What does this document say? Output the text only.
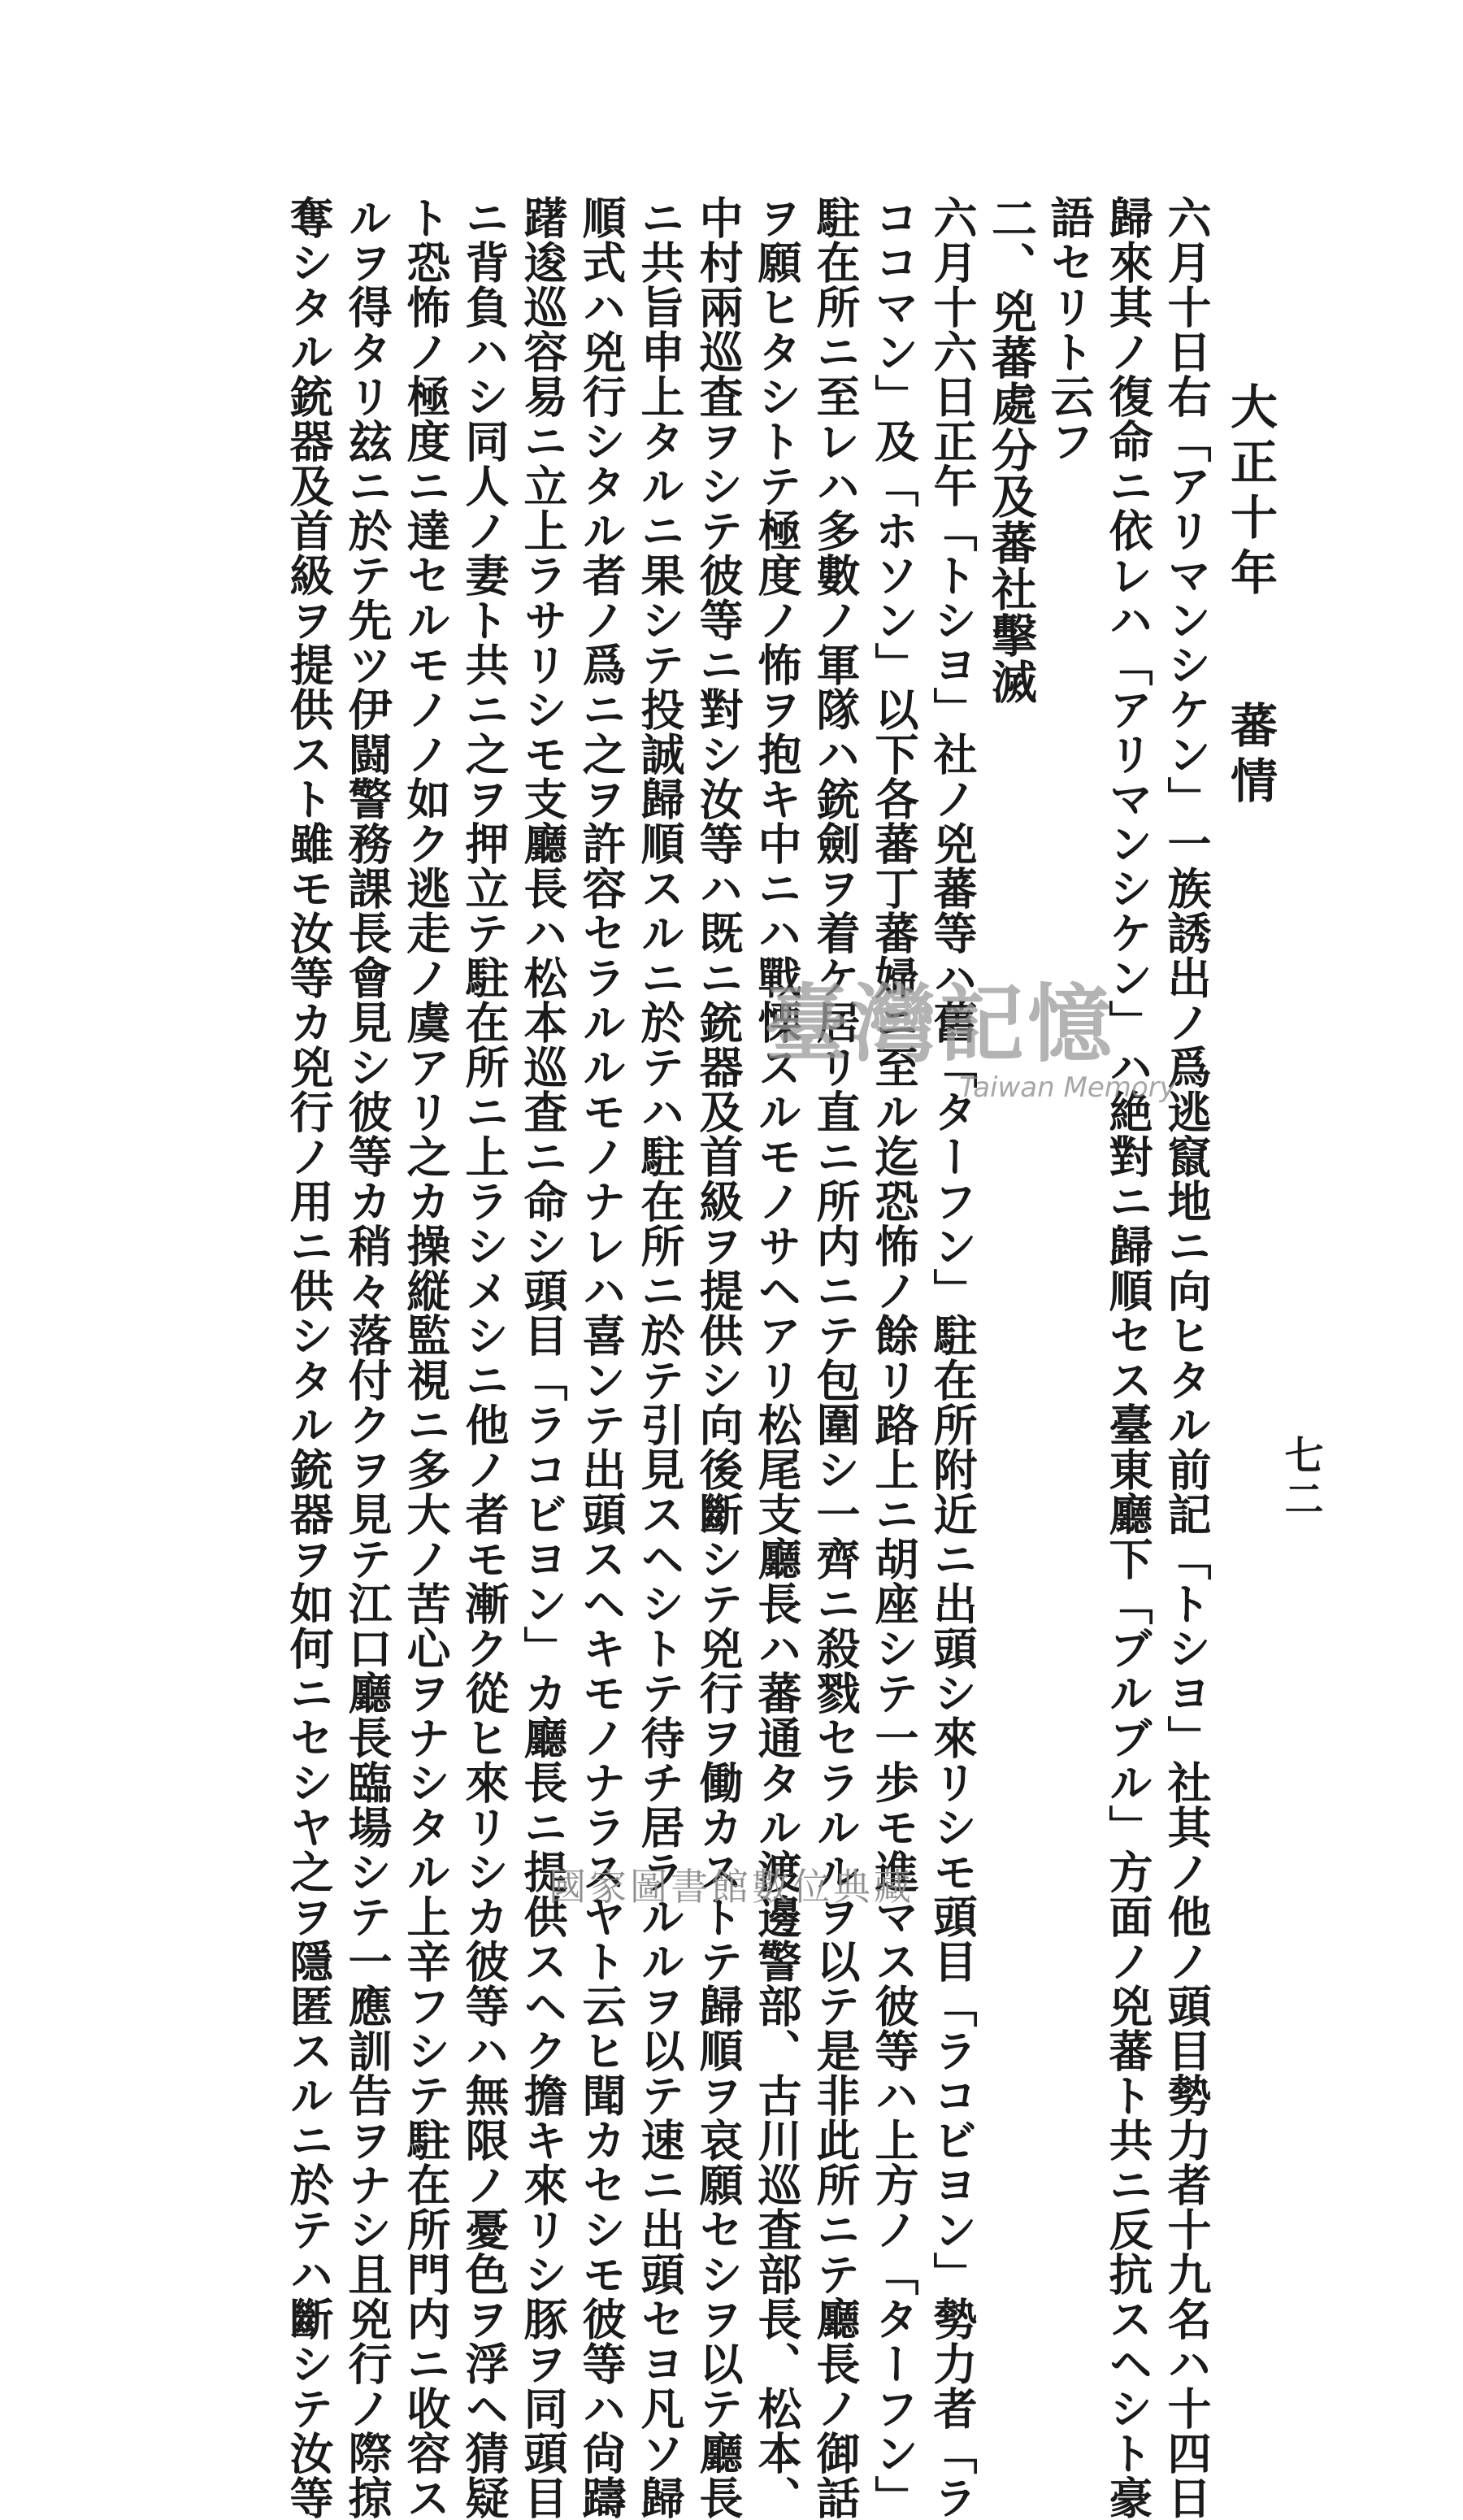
大正十年蕃情
七二

六月十日右「アリマンシケン」一族誘出ノ爲逃竄地ニ向ヒタル前記「トシヨ」社其ノ他ノ頭目勢力者十九名ハ十四日

歸來其ノ復命ニ依レハ「アリマンシケン」ハ絶對ニ歸順セス臺東廳下「ブルブル」方面ノ兇蕃ト共ニ反抗スヘシト豪

語セリト云フ

二、兇蕃處分及蕃社擊滅

六月十六日正午「トシヨ」社ノ兇蕃等ハ舊「ターフン」駐在所附近ニ出頭シ來リシモ頭目「ラコビヨン」勢力者「ラ

ココマン」及「ホソン」以下各蕃丁蕃婦ニ至ル迄恐怖ノ餘リ路上ニ胡座シテ一歩モ進マス彼等ハ上方ノ「ターフン」

駐在所ニ至レハ多數ノ軍隊ハ銃劍ヲ着ケ居リ直ニ所内ニテ包圍シ一齊ニ殺戮セラルルヲ以テ是非此所ニテ廳長ノ御話

ヲ願ヒタシトテ極度ノ怖ヲ抱キ中ニハ戰慄スルモノサヘアリ松尾支廳長ハ蕃通タル渡邊警部、古川巡査部長、松本、

中村兩巡査ヲシテ彼等ニ對シ汝等ハ既ニ銃器及首級ヲ提供シ向後斷シテ兇行ヲ働カストテ歸順ヲ哀願セシヲ以テ廳長

ニ共旨申上タルニ果シテ投誠歸順スルニ於テハ駐在所ニ於テ引見スヘシトテ待チ居ラルルヲ以テ速ニ出頭セヨ凡ソ歸

順式ハ兇行シタル者ノ爲ニ之ヲ許容セラルルモノナレハ喜ンテ出頭スヘキモノナラスヤト云ヒ聞カセシモ彼等ハ尙躊

躇逡巡容易ニ立上ラサリシモ支廳長ハ松本巡査ニ命シ頭目「ラコビヨン」カ廳長ニ提供スヘク擔キ來リシ豚ヲ同頭目

ニ背負ハシ同人ノ妻ト共ニ之ヲ押立テ駐在所ニ上ラシメシニ他ノ者モ漸ク從ヒ來リシカ彼等ハ無限ノ憂色ヲ浮ヘ猜疑

ト恐怖ノ極度ニ達セルモノノ如ク逃走ノ虞アリ之カ操縦監視ニ多大ノ苦心ヲナシタル上辛フシテ駐在所門内ニ收容ス

ルヲ得タリ玆ニ於テ先ツ伊闘警務課長會見シ彼等カ稍々落付クヲ見テ江口廳長臨場シテ一應訓告ヲナシ且兇行ノ際掠

奪シタル銃器及首級ヲ提供スト雖モ汝等カ兇行ノ用ニ供シタル銃器ヲ如何ニセシヤ之ヲ隱匿スルニ於テハ斷シテ汝等	臺灣記憶
Taiwan Memory
國家圖書館數位典藏
